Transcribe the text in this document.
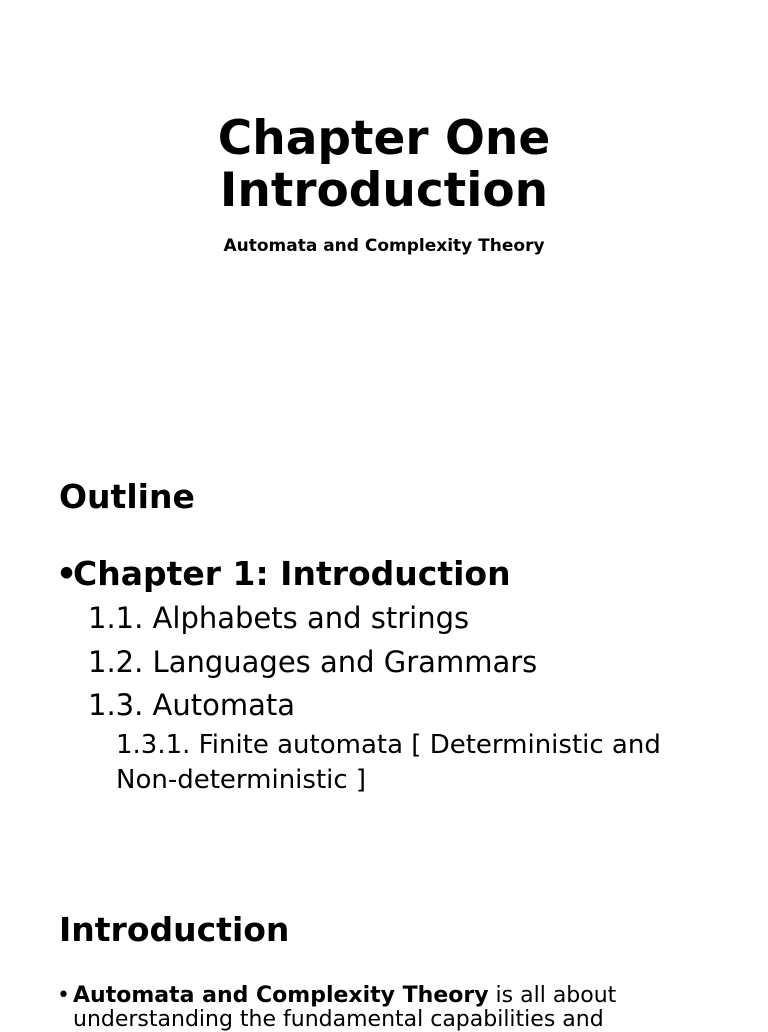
Chapter One
Introduction
Automata and Complexity Theory
Outline
•Chapter 1: Introduction
1.1. Alphabets and strings
1.2. Languages and Grammars
1.3. Automata
1.3.1. Finite automata [ Deterministic and Non-deterministic ]
Introduction
• Automata and Complexity Theory is all about understanding the fundamental capabilities and
